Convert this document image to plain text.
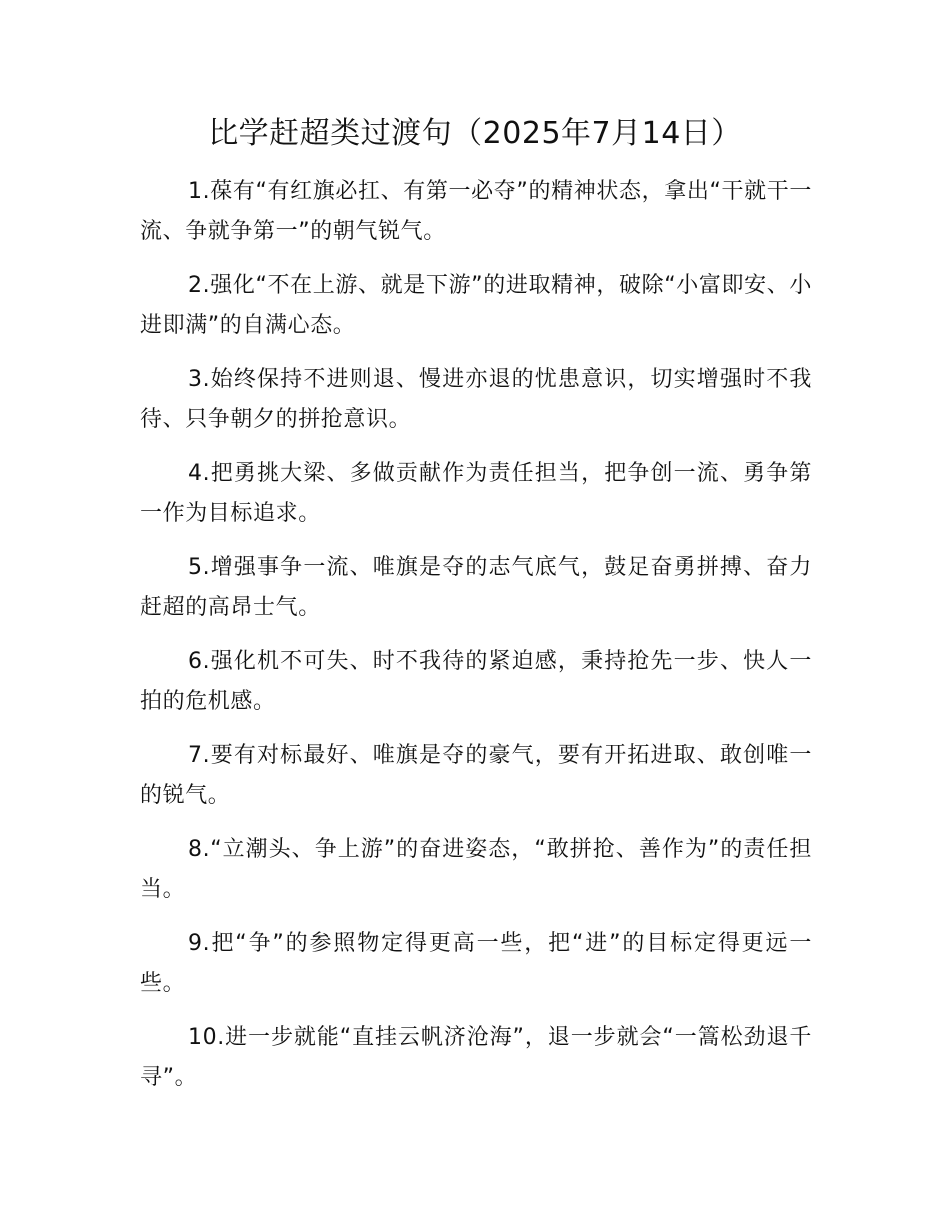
比学赶超类过渡句（2025年7月14日）
1.葆有“有红旗必扛、有第一必夺”的精神状态，拿出“干就干一流、争就争第一”的朝气锐气。
2.强化“不在上游、就是下游”的进取精神，破除“小富即安、小进即满”的自满心态。
3.始终保持不进则退、慢进亦退的忧患意识，切实增强时不我待、只争朝夕的拼抢意识。
4.把勇挑大梁、多做贡献作为责任担当，把争创一流、勇争第一作为目标追求。
5.增强事争一流、唯旗是夺的志气底气，鼓足奋勇拼搏、奋力赶超的高昂士气。
6.强化机不可失、时不我待的紧迫感，秉持抢先一步、快人一拍的危机感。
7.要有对标最好、唯旗是夺的豪气，要有开拓进取、敢创唯一的锐气。
8.“立潮头、争上游”的奋进姿态，“敢拼抢、善作为”的责任担当。
9.把“争”的参照物定得更高一些，把“进”的目标定得更远一些。
10.进一步就能“直挂云帆济沧海”，退一步就会“一篙松劲退千寻”。
